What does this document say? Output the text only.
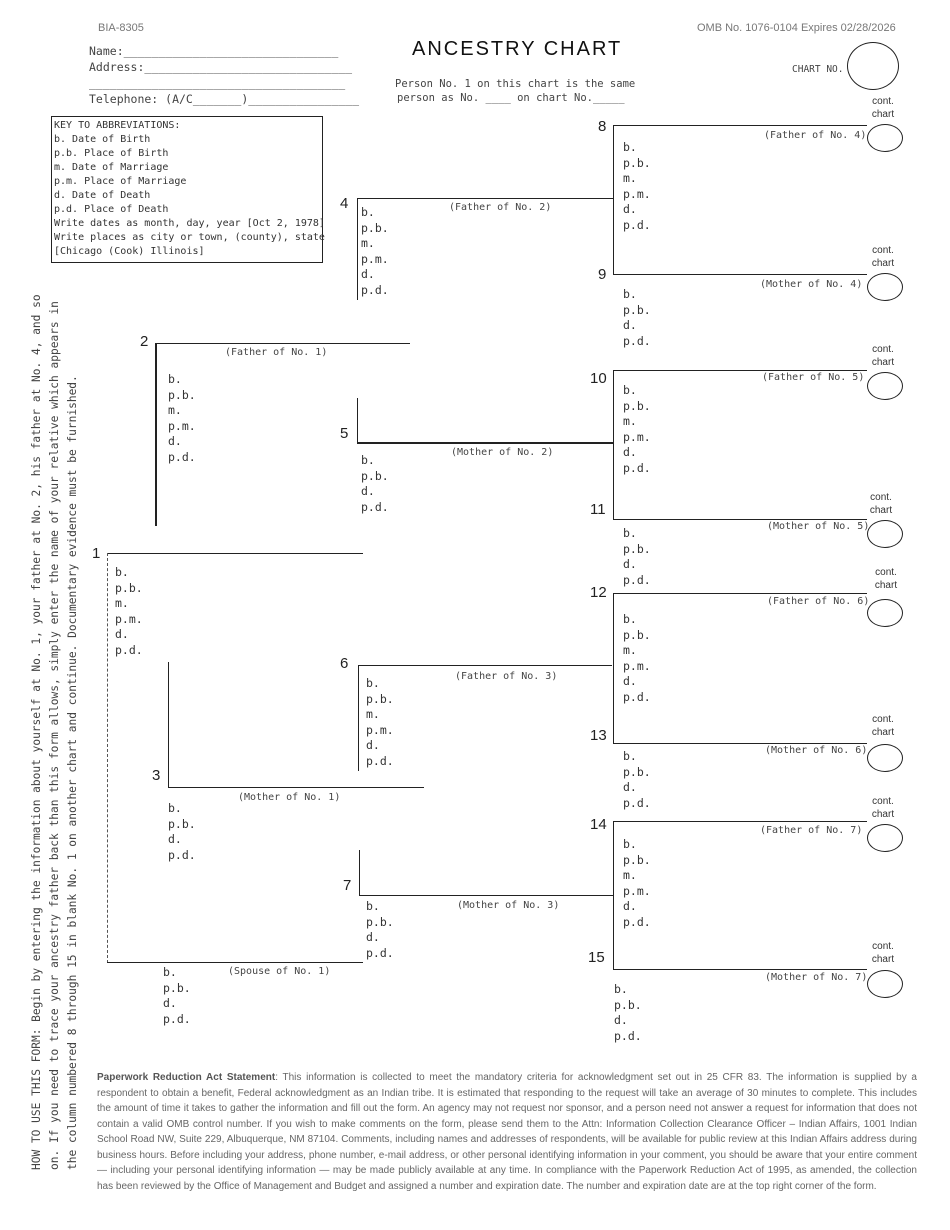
BIA-8305	OMB No. 1076-0104 Expires 02/28/2026
ANCESTRY CHART
CHART NO.
Person No. 1 on this chart is the same
person as No. ____ on chart No._____
Name:_______________________________
Address:______________________________
_____________________________________
Telephone: (A/C_______)________________
KEY TO ABBREVIATIONS:
b. Date of Birth
p.b. Place of Birth
m. Date of Marriage
p.m. Place of Marriage
d. Date of Death
p.d. Place of Death
Write dates as month, day, year [Oct 2, 1978]
Write places as city or town, (county), state
[Chicago (Cook) Illinois]
HOW TO USE THIS FORM: Begin by entering the information about yourself at No. 1, your father at No. 2, his father at No. 4, and so on. If you need to trace your ancestry father back than this form allows, simply enter the name of your relative which appears in the column numbered 8 through 15 in blank No. 1 on another chart and continue. Documentary evidence must be furnished. 1
b.
p.b.
m.
p.m.
d.
p.d.
(Spouse of No. 1)
b.
p.b.
d.
p.d.
2
(Father of No. 1)
b.
p.b.
m.
p.m.
d.
p.d.
3
(Mother of No. 1)
b.
p.b.
d.
p.d.
4	(Father of No. 2)
b.
p.b.
m.
p.m.
d.
p.d.
5
(Mother of No. 2)
b.
p.b.
d.
p.d.
6
(Father of No. 3)
b.
p.b.
m.
p.m.
d.
p.d.
7
(Mother of No. 3)
b.
p.b.
d.
p.d.
8
(Father of No. 4)
b.
p.b.
m.
p.m.
d.
p.d.
cont.
chart
9
(Mother of No. 4)
b.
p.b.
d.
p.d.
cont.
chart
10	(Father of No. 5)
b.
p.b.
m.
p.m.
d.
p.d.
cont.
chart
11
(Mother of No. 5)
b.
p.b.
d.
p.d.
cont.
chart
12
(Father of No. 6)
b.
p.b.
m.
p.m.
d.
p.d.
cont.
chart
13
(Mother of No. 6)
b.
p.b.
d.
p.d.
cont.
chart
14	(Father of No. 7)
b.
p.b.
m.
p.m.
d.
p.d.
cont.
chart
15
(Mother of No. 7)
b.
p.b.
d.
p.d.
cont.
chart
Paperwork Reduction Act Statement: This information is collected to meet the mandatory criteria for acknowledgment set out in 25 CFR 83. The information is supplied by a respondent to obtain a benefit, Federal acknowledgment as an Indian tribe. It is estimated that responding to the request will take an average of 30 minutes to complete. This includes the amount of time it takes to gather the information and fill out the form. An agency may not request nor sponsor, and a person need not answer a request for information that does not contain a valid OMB control number. If you wish to make comments on the form, please send them to the Attn: Information Collection Clearance Officer – Indian Affairs, 1001 Indian School Road NW, Suite 229, Albuquerque, NM 87104. Comments, including names and addresses of respondents, will be available for public review at this Indian Affairs address during business hours. Before including your address, phone number, e-mail address, or other personal identifying information in your comment, you should be aware that your entire comment — including your personal identifying information — may be made publicly available at any time. In compliance with the Paperwork Reduction Act of 1995, as amended, the collection has been reviewed by the Office of Management and Budget and assigned a number and expiration date. The number and expiration date are at the top right corner of the form.
